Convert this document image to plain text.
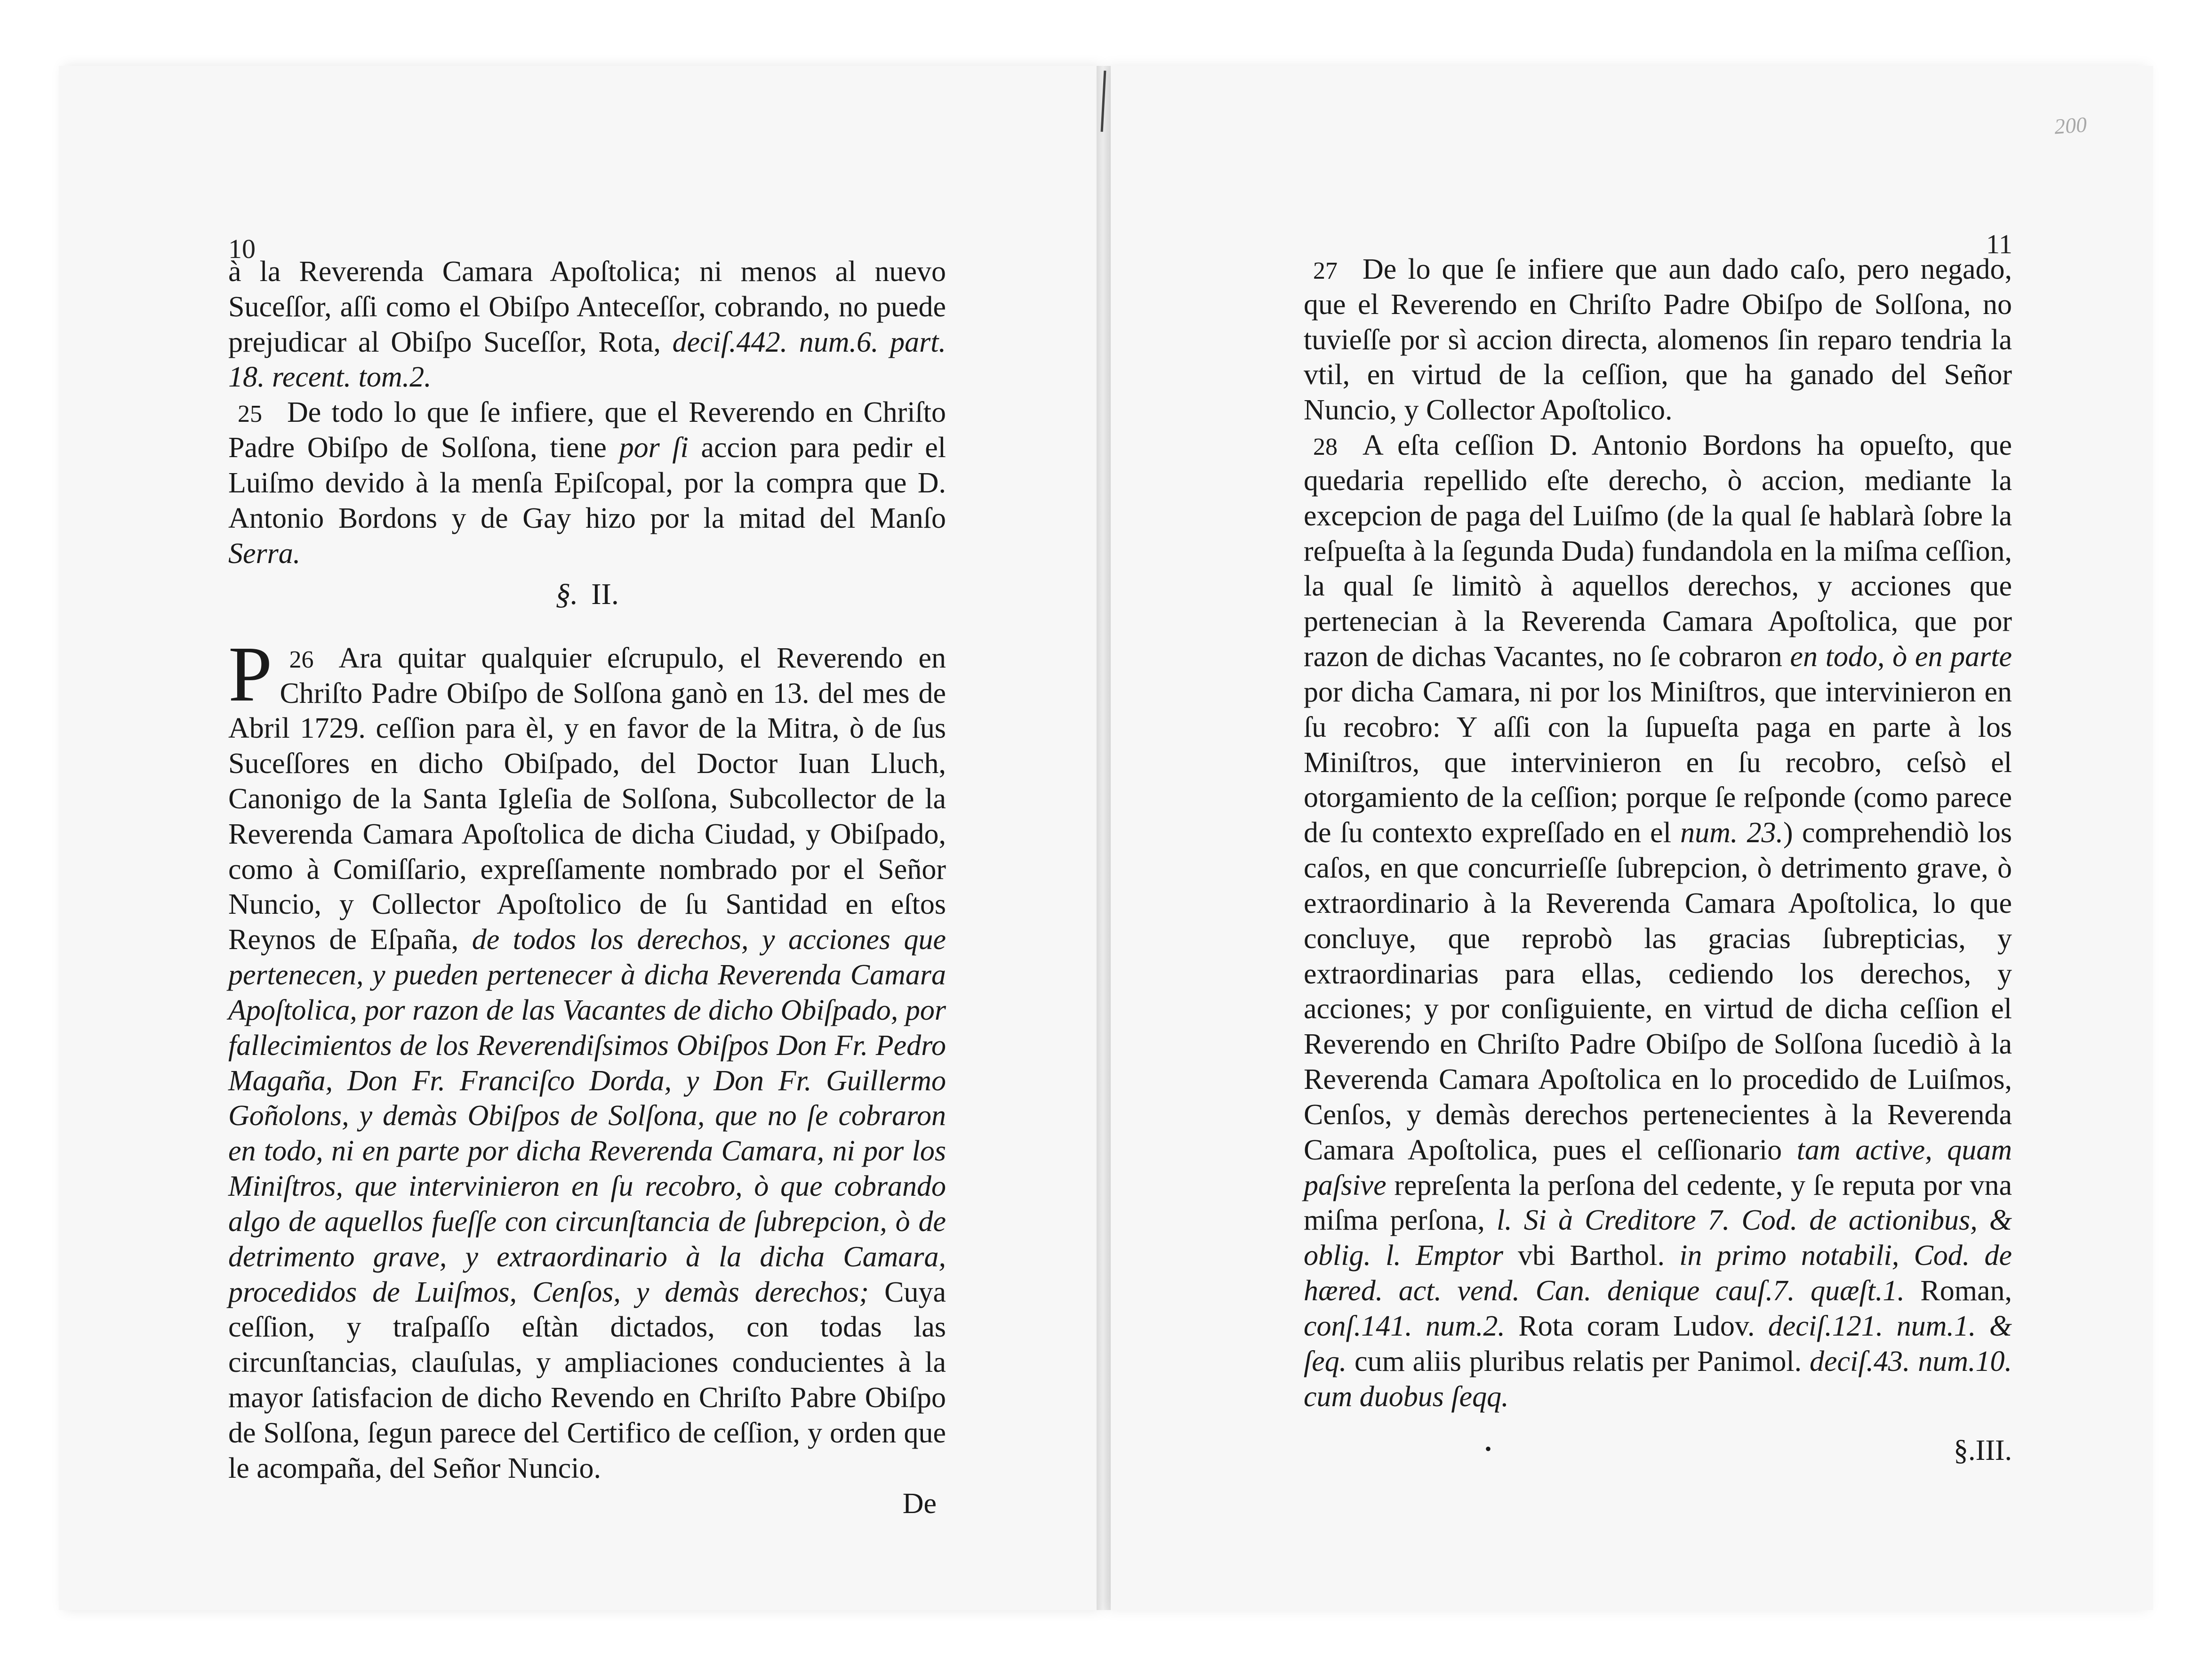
10	11
200

à la Reverenda Camara Apoſtolica; ni menos al nuevo Suceſſor, aſſi como el Obiſpo Anteceſſor, cobrando, no puede prejudicar al Obiſpo Suceſſor, Rota, deciſ.442. num.6. part. 18. recent. tom.2.

25 De todo lo que ſe infiere, que el Reverendo en Chriſto Padre Obiſpo de Solſona, tiene por ſi accion para pedir el Luiſmo devido à la menſa Epiſcopal, por la compra que D. Antonio Bordons y de Gay hizo por la mitad del Manſo Serra.

§. II.

26
P Ara quitar qualquier eſcrupulo, el Reverendo en Chriſto Padre Obiſpo de Solſona ganò en 13. del mes de Abril 1729. ceſſion para èl, y en favor de la Mitra, ò de ſus Suceſſores en dicho Obiſpado, del Doctor Iuan Lluch, Canonigo de la Santa Igleſia de Solſona, Subcollector de la Reverenda Camara Apoſtolica de dicha Ciudad, y Obiſpado, como à Comiſſario, expreſſamente nombrado por el Señor Nuncio, y Collector Apoſtolico de ſu Santidad en eſtos Reynos de Eſpaña, de todos los derechos, y acciones que pertenecen, y pueden pertenecer à dicha Reverenda Camara Apoſtolica, por razon de las Vacantes de dicho Obiſpado, por fallecimientos de los Reverendiſsimos Obiſpos Don Fr. Pedro Magaña, Don Fr. Franciſco Dorda, y Don Fr. Guillermo Goñolons, y demàs Obiſpos de Solſona, que no ſe cobraron en todo, ni en parte por dicha Reverenda Camara, ni por los Miniſtros, que intervinieron en ſu recobro, ò que cobrando algo de aquellos fueſſe con circunſtancia de ſubrepcion, ò de detrimento grave, y extraordinario à la dicha Camara, procedidos de Luiſmos, Cenſos, y demàs derechos; Cuya ceſſion, y traſpaſſo eſtàn dictados, con todas las circunſtancias, clauſulas, y ampliaciones conducientes à la mayor ſatisfacion de dicho Revendo en Chriſto Pabre Obiſpo de Solſona, ſegun parece del Certifico de ceſſion, y orden que le acompaña, del Señor Nuncio.

De

27 De lo que ſe infiere que aun dado caſo, pero negado, que el Reverendo en Chriſto Padre Obiſpo de Solſona, no tuvieſſe por sì accion directa, alomenos ſin reparo tendria la vtil, en virtud de la ceſſion, que ha ganado del Señor Nuncio, y Collector Apoſtolico.

28 A eſta ceſſion D. Antonio Bordons ha opueſto, que quedaria repellido eſte derecho, ò accion, mediante la excepcion de paga del Luiſmo (de la qual ſe hablarà ſobre la reſpueſta à la ſegunda Duda) fundandola en la miſma ceſſion, la qual ſe limitò à aquellos derechos, y acciones que pertenecian à la Reverenda Camara Apoſtolica, que por razon de dichas Vacantes, no ſe cobraron en todo, ò en parte por dicha Camara, ni por los Miniſtros, que intervinieron en ſu recobro: Y aſſi con la ſupueſta paga en parte à los Miniſtros, que intervinieron en ſu recobro, ceſsò el otorgamiento de la ceſſion; porque ſe reſponde (como parece de ſu contexto expreſſado en el num. 23.) comprehendiò los caſos, en que concurrieſſe ſubrepcion, ò detrimento grave, ò extraordinario à la Reverenda Camara Apoſtolica, lo que concluye, que reprobò las gracias ſubrepticias, y extraordinarias para ellas, cediendo los derechos, y acciones; y por conſiguiente, en virtud de dicha ceſſion el Reverendo en Chriſto Padre Obiſpo de Solſona ſucediò à la Reverenda Camara Apoſtolica en lo procedido de Luiſmos, Cenſos, y demàs derechos pertenecientes à la Reverenda Camara Apoſtolica, pues el ceſſionario tam active, quam paſsive repreſenta la perſona del cedente, y ſe reputa por vna miſma perſona, l. Si à Creditore 7. Cod. de actionibus, & oblig. l. Emptor vbi Barthol. in primo notabili, Cod. de hæred. act. vend. Can. denique cauſ.7. quæſt.1. Roman, conſ.141. num.2. Rota coram Ludov. deciſ.121. num.1. & ſeq. cum aliis pluribus relatis per Panimol. deciſ.43. num.10. cum duobus ſeqq.

•	§.III.
